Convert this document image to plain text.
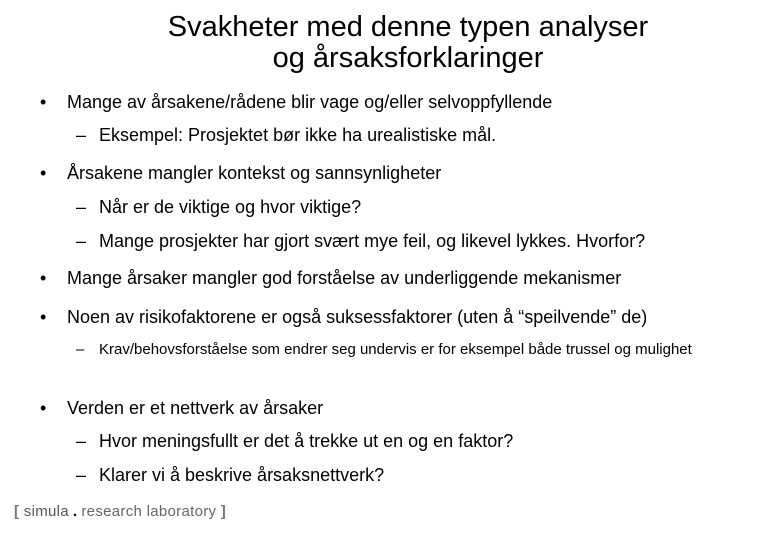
Svakheter med denne typen analyser
og årsaksforklaringer
• Mange av årsakene/rådene blir vage og/eller selvoppfyllende
– Eksempel: Prosjektet bør ikke ha urealistiske mål.
• Årsakene mangler kontekst og sannsynligheter
– Når er de viktige og hvor viktige?
– Mange prosjekter har gjort svært mye feil, og likevel lykkes. Hvorfor?
• Mange årsaker mangler god forståelse av underliggende mekanismer
• Noen av risikofaktorene er også suksessfaktorer (uten å “speilvende” de)
– Krav/behovsforståelse som endrer seg undervis er for eksempel både trussel og mulighet
• Verden er et nettverk av årsaker
– Hvor meningsfullt er det å trekke ut en og en faktor?
– Klarer vi å beskrive årsaksnettverk?
[ simula . research laboratory ]
